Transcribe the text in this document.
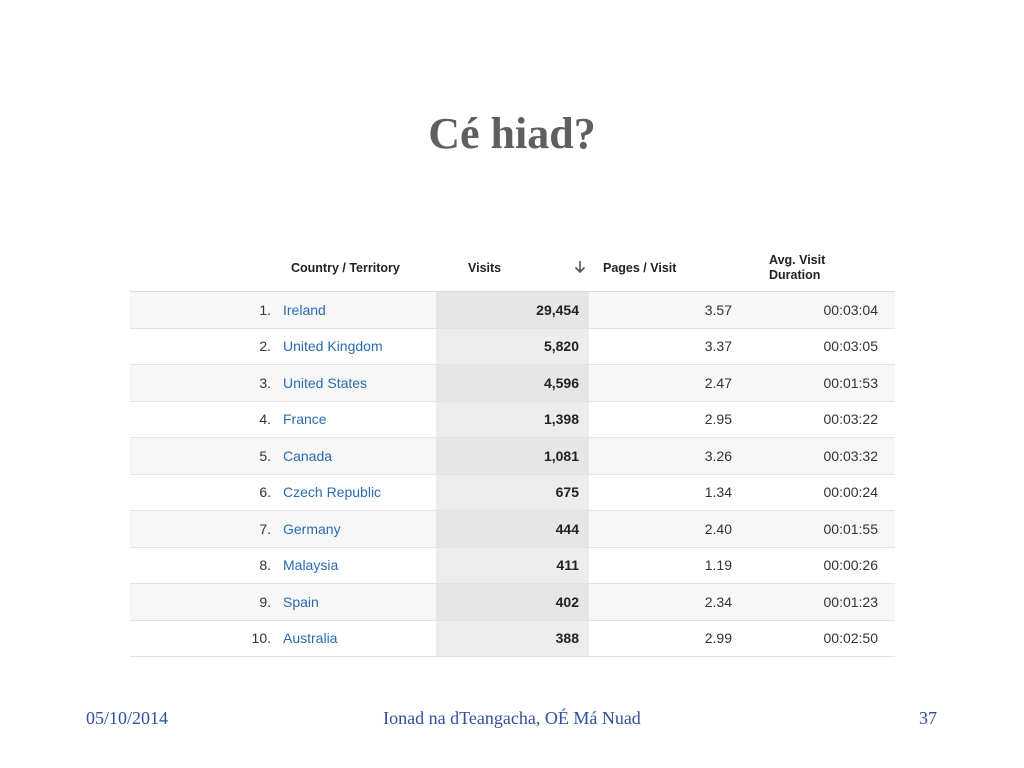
Cé hiad?
	Country / Territory	Visits	Pages / Visit	Avg. Visit
Duration
1.	Ireland	29,454	3.57	00:03:04
2.	United Kingdom	5,820	3.37	00:03:05
3.	United States	4,596	2.47	00:01:53
4.	France	1,398	2.95	00:03:22
5.	Canada	1,081	3.26	00:03:32
6.	Czech Republic	675	1.34	00:00:24
7.	Germany	444	2.40	00:01:55
8.	Malaysia	411	1.19	00:00:26
9.	Spain	402	2.34	00:01:23
10.	Australia	388	2.99	00:02:50
05/10/2014	Ionad na dTeangacha, OÉ Má Nuad	37
